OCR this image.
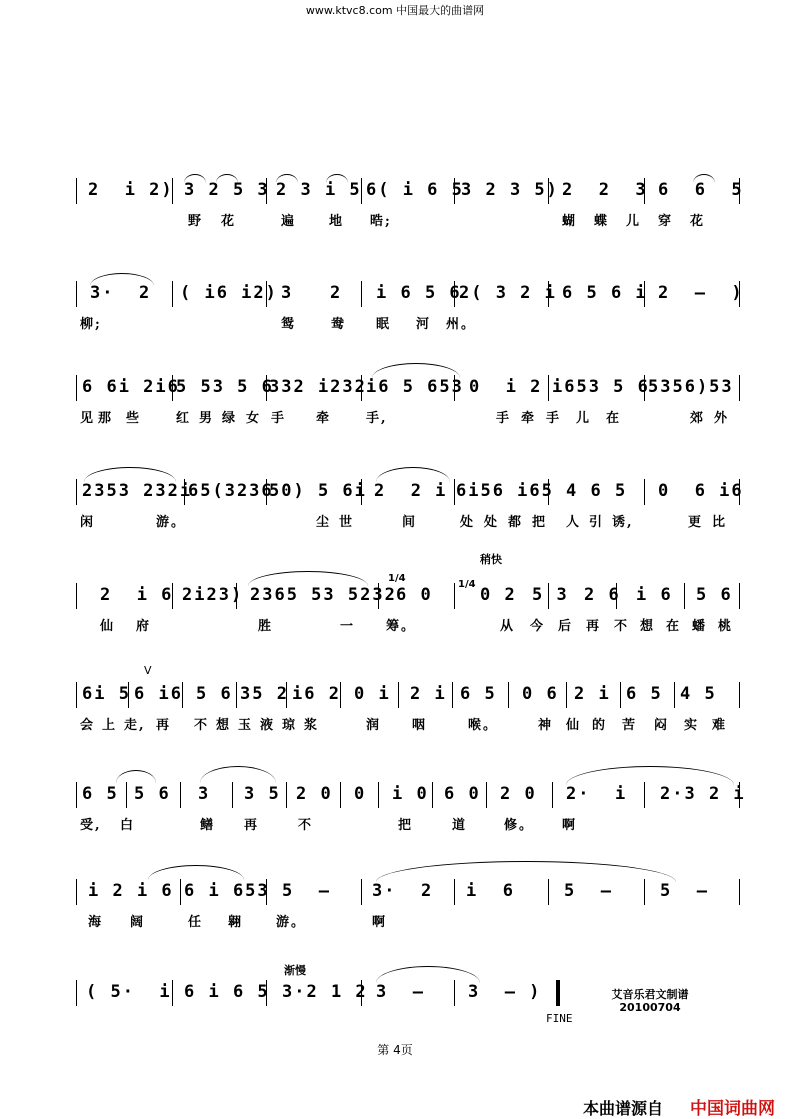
www.ktvc8.com 中国最大的曲谱网

2  i 2)

3 2 5 3

2 3 i 5

6( i 6 5

3 2 3 5)

2  2  3

6  6  5

野 花	遍	地 晧;	蝴 蝶 儿 穿 花

3·  2

( i6 i2)

3   2

i 6 5 6

2( 3 2 i

6 5 6 i

2  —  )

柳;	鸳	鸯 眠 河 州。

6 6i 2i6

5 53 5 6

332 i232

i6 5 653

0  i 2

i653 5 6

5356)53

见 那 些	红 男 绿 女 手 牵	手,	手 牵 手 儿 在	郊 外

2353 232i

65(3236

50) 5 6i

2  2 i

6i56 i65

4 6 5

0  6 i6

闲	游。	尘 世	间	处 处 都 把 人 引 诱,	更 比
稍快

2  i 6

2i23)

2365 53 5232

6 0

	0 2

5 3

2 6

i 6

5 6

1/4
1/4
仙 府	胜	一 筹。	从 今 后 再 不 想 在 蟠 桃
V

6i 5

6 i6

5 6

35 2

i6 2

0 i

2 i

6 5

0 6

2 i

6 5

4 5

会 上 走, 再 不 想 玉 液 琼 浆	润 咽	喉。	神 仙 的 苦 闷 实 难

6 5

5 6

3

3 5

2 0

0

i 0

6 0

2 0

2·  i

2·3 2 i

受, 白	鳝 再	不	把	道	修。 啊

i 2 i 6

6 i 653

5  —

3·  2

i  6

	5  —

	5  —

海 阔	任 翱	游。	啊
渐慢

( 5·  i

6 i 6 5

3·2 1 2

3  —

	3  — )

FINE
艾音乐君文制谱
20100704
第 4页
本曲谱源自 中国词曲网
